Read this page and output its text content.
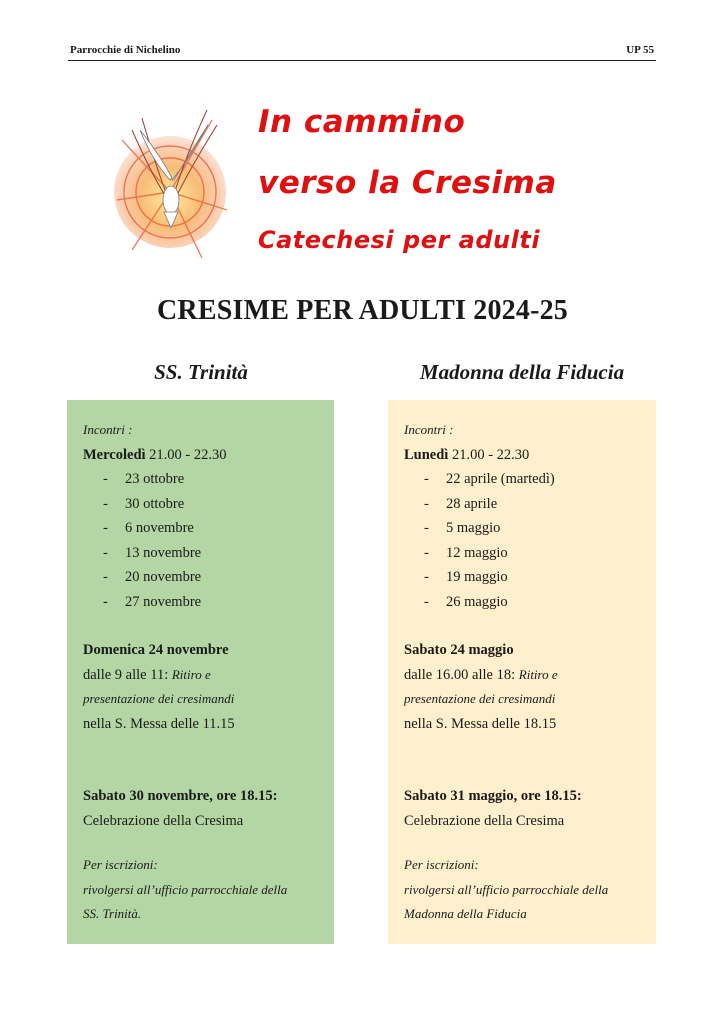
Parrocchie di Nichelino	UP 55
In cammino
verso la Cresima
Catechesi per adulti
CRESIME PER ADULTI 2024-25
SS. Trinità	Madonna della Fiducia
Incontri :
Mercoledì 21.00 - 22.30
- 23 ottobre
- 30 ottobre
- 6 novembre
- 13 novembre
- 20 novembre
- 27 novembre
Domenica 24 novembre
dalle 9 alle 11: Ritiro e
presentazione dei cresimandi
nella S. Messa delle 11.15
Sabato 30 novembre, ore 18.15:
Celebrazione della Cresima
Per iscrizioni:
rivolgersi all’ufficio parrocchiale della
SS. Trinità.
Incontri :
Lunedì 21.00 - 22.30
- 22 aprile (martedì)
- 28 aprile
- 5 maggio
- 12 maggio
- 19 maggio
- 26 maggio
Sabato 24 maggio
dalle 16.00 alle 18: Ritiro e
presentazione dei cresimandi
nella S. Messa delle 18.15
Sabato 31 maggio, ore 18.15:
Celebrazione della Cresima
Per iscrizioni:
rivolgersi all’ufficio parrocchiale della
Madonna della Fiducia
